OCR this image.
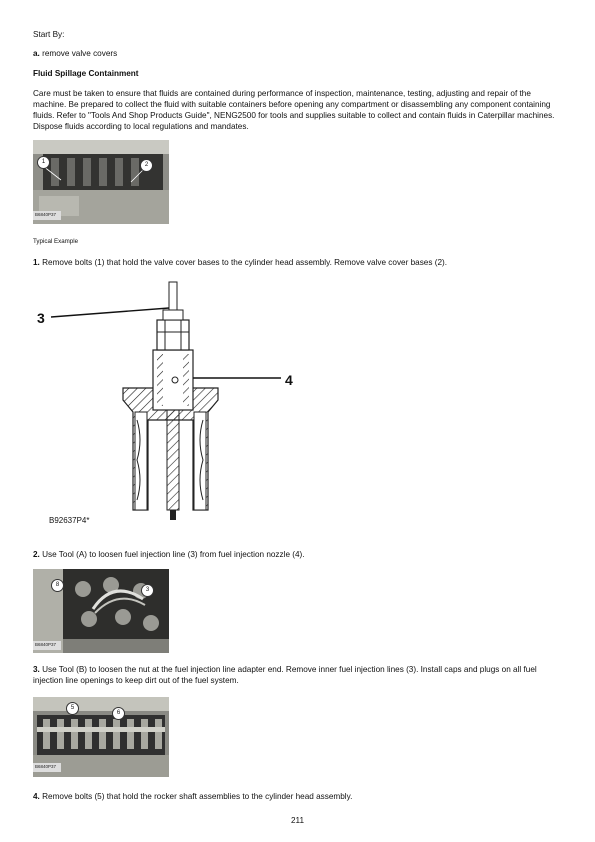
Start By:
a. remove valve covers
Fluid Spillage Containment
Care must be taken to ensure that fluids are contained during performance of inspection, maintenance, testing, adjusting and repair of the machine. Be prepared to collect the fluid with suitable containers before opening any compartment or disassembling any component containing fluids. Refer to "Tools And Shop Products Guide", NENG2500 for tools and supplies suitable to collect and contain fluids in Caterpillar machines. Dispose fluids according to local regulations and mandates.
1	2
B6840P37
Typical Example
1. Remove bolts (1) that hold the valve cover bases to the cylinder head assembly. Remove valve cover bases (2).
3
4
B92637P4*
2. Use Tool (A) to loosen fuel injection line (3) from fuel injection nozzle (4).
8
3
B6840P37
3. Use Tool (B) to loosen the nut at the fuel injection line adapter end. Remove inner fuel injection lines (3). Install caps and plugs on all fuel injection line openings to keep dirt out of the fuel system.
5
6
B6840P37
4. Remove bolts (5) that hold the rocker shaft assemblies to the cylinder head assembly.
211
